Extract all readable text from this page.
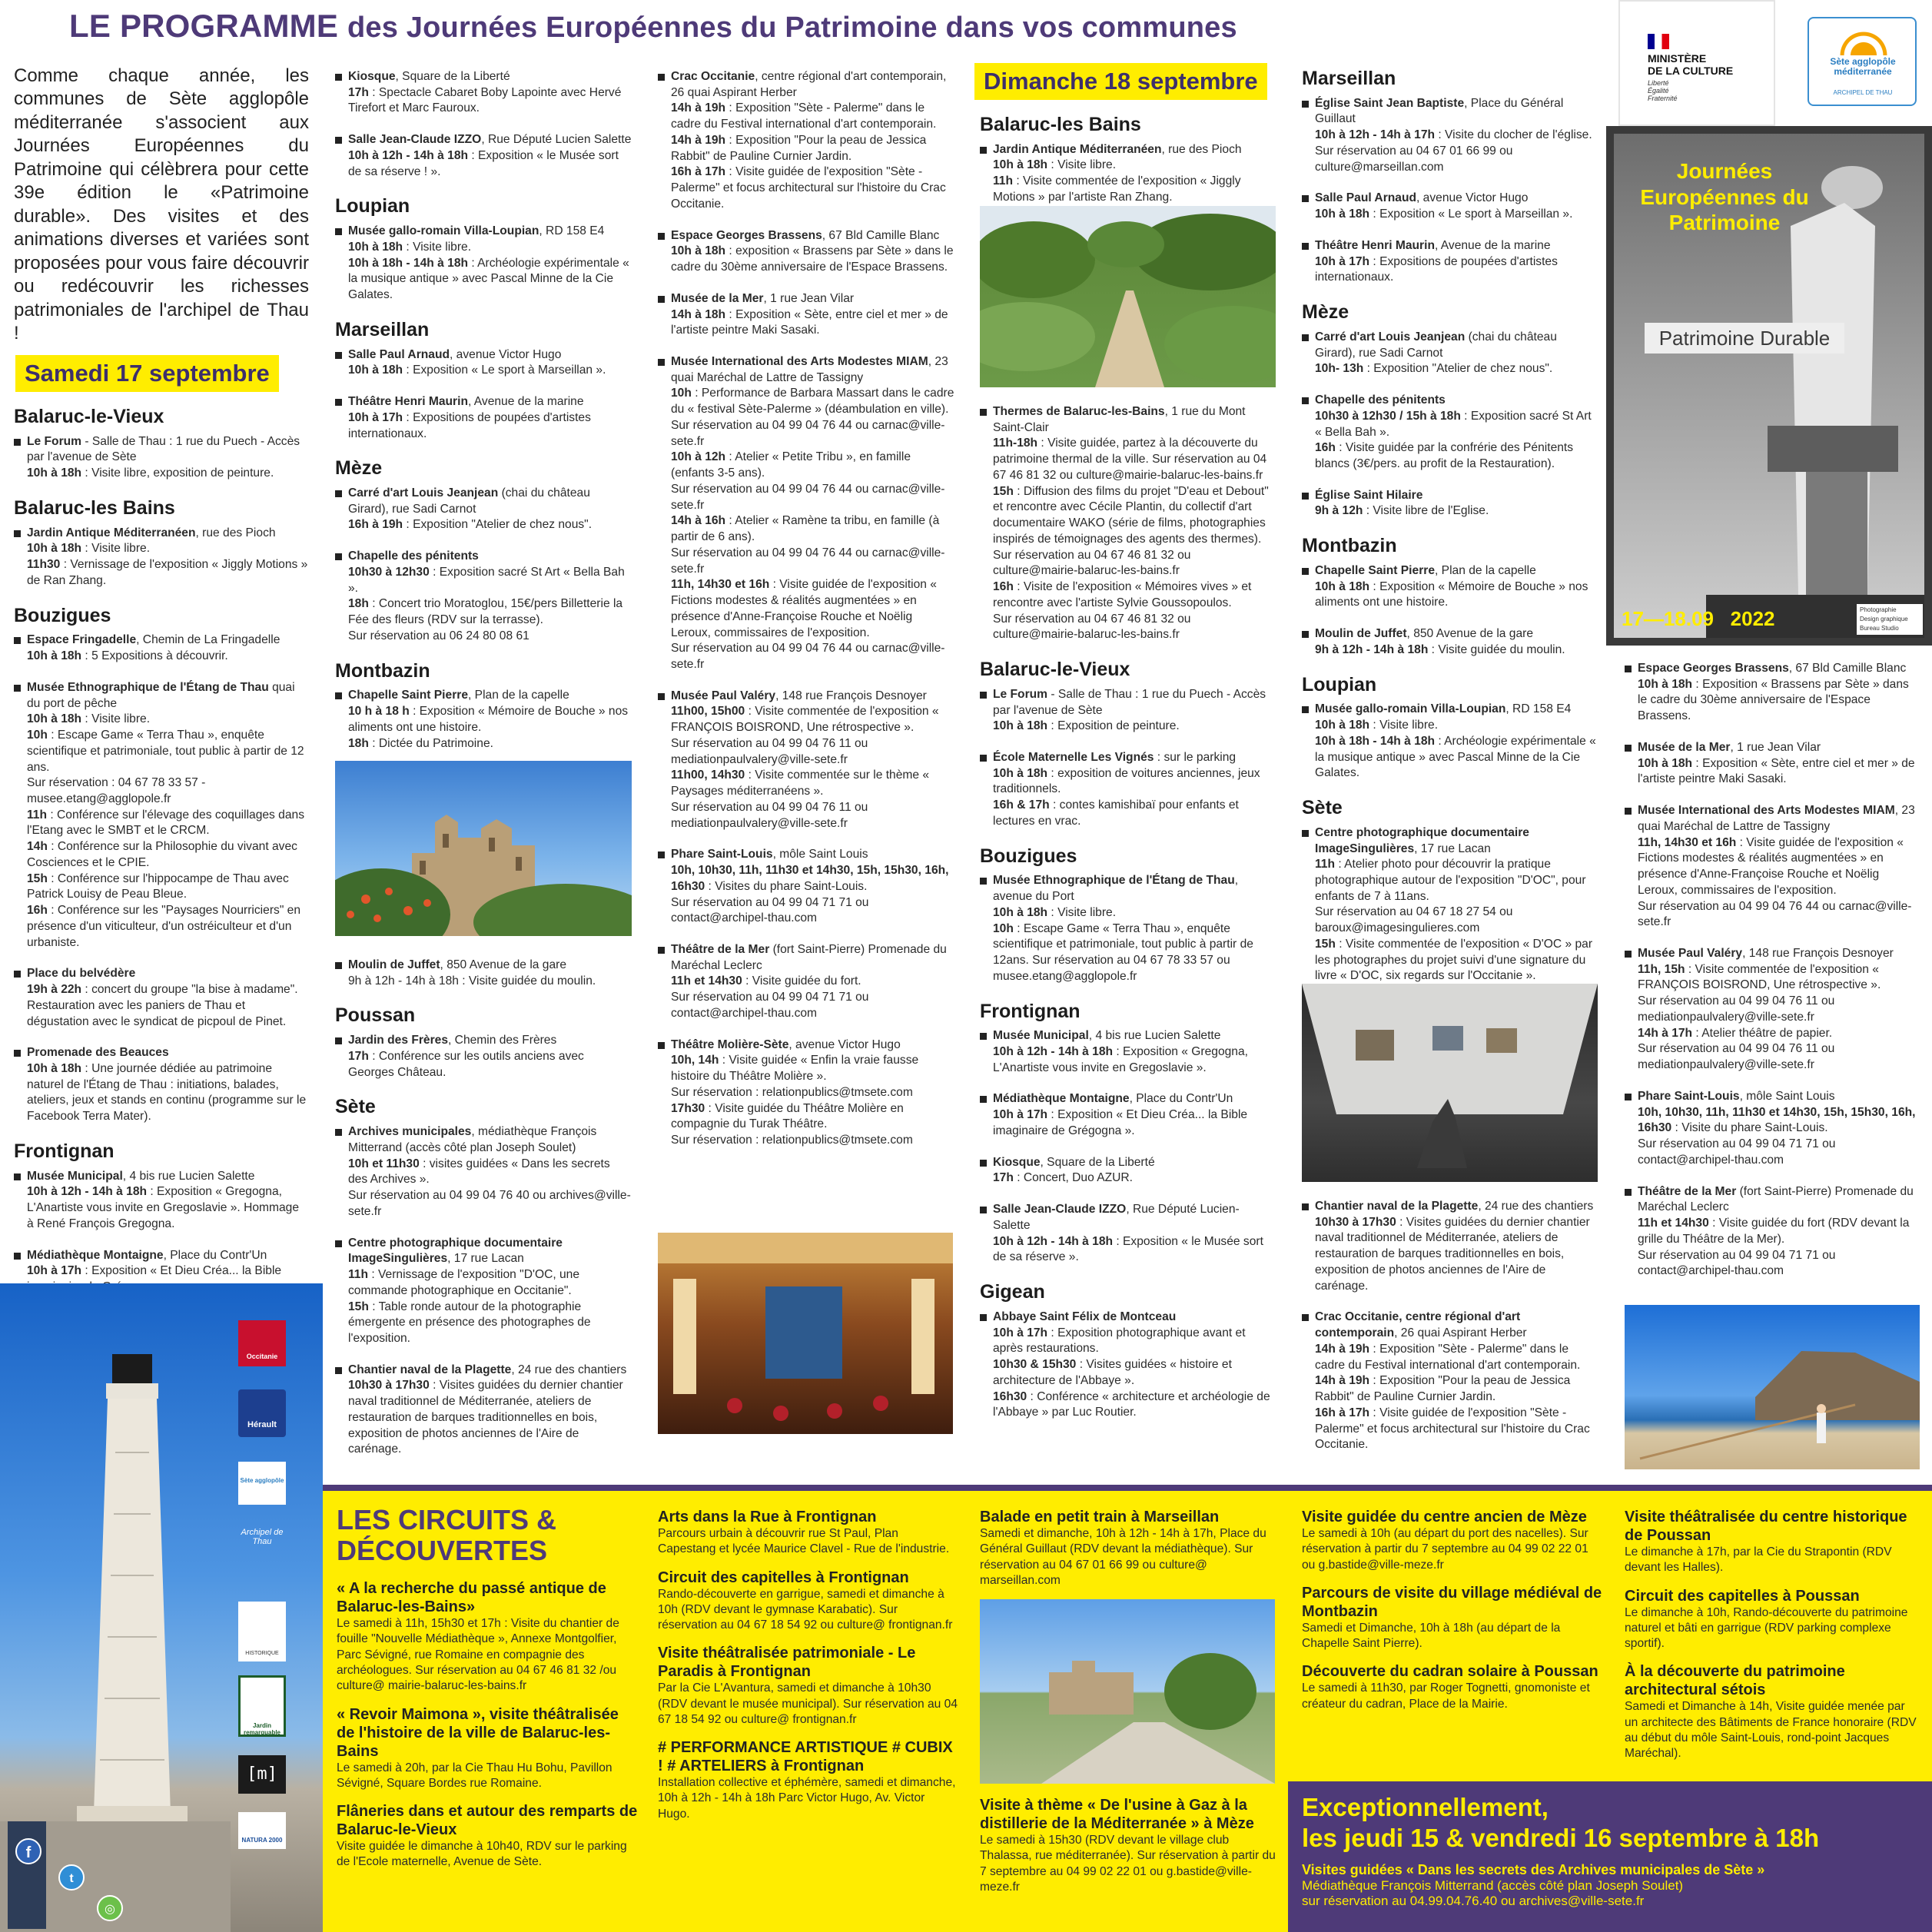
LE PROGRAMME des Journées Européennes du Patrimoine dans vos communes
Comme chaque année, les communes de Sète agglopôle méditerranée s'associent aux Journées Européennes du Patrimoine qui célèbrera pour cette 39e édition le «Patrimoine durable». Des visites et des animations diverses et variées sont proposées pour vous faire découvrir ou redécouvrir les richesses patrimoniales de l'archipel de Thau !
Samedi 17 septembre
Balaruc-le-Vieux
Le Forum - Salle de Thau : 1 rue du Puech - Accès par l'avenue de Sète
10h à 18h : Visite libre, exposition de peinture.
Balaruc-les Bains
Jardin Antique Méditerranéen, rue des Pioch
10h à 18h : Visite libre.
11h30 : Vernissage de l'exposition « Jiggly Motions » de Ran Zhang.
Bouzigues
Espace Fringadelle, Chemin de La Fringadelle
10h à 18h : 5 Expositions à découvrir.
Musée Ethnographique de l'Étang de Thau quai du port de pêche
10h à 18h : Visite libre.
10h : Escape Game « Terra Thau », enquête scientifique et patrimoniale, tout public à partir de 12 ans.
Sur réservation : 04 67 78 33 57 - musee.etang@agglopole.fr
11h : Conférence sur l'élevage des coquillages dans l'Etang avec le SMBT et le CRCM.
14h : Conférence sur la Philosophie du vivant avec Cosciences et le CPIE.
15h : Conférence sur l'hippocampe de Thau avec Patrick Louisy de Peau Bleue.
16h : Conférence sur les "Paysages Nourriciers" en présence d'un viticulteur, d'un ostréiculteur et d'un urbaniste.
Place du belvédère
19h à 22h : concert du groupe "la bise à madame". Restauration avec les paniers de Thau et dégustation avec le syndicat de picpoul de Pinet.
Promenade des Beauces
10h à 18h : Une journée dédiée au patrimoine naturel de l'Étang de Thau : initiations, balades, ateliers, jeux et stands en continu (programme sur le Facebook Terra Mater).
Frontignan
Musée Municipal, 4 bis rue Lucien Salette
10h à 12h - 14h à 18h : Exposition « Gregogna, L'Anartiste vous invite en Gregoslavie ». Hommage à René François Gregogna.
Médiathèque Montaigne, Place du Contr'Un
10h à 17h : Exposition « Et Dieu Créa... la Bible
Kiosque, Square de la Liberté
17h : Spectacle Cabaret Boby Lapointe avec Hervé Tirefort et Marc Fauroux.
Salle Jean-Claude IZZO, Rue Député Lucien Salette
10h à 12h - 14h à 18h : Exposition « le Musée sort de sa réserve ! ».
Loupian
Musée gallo-romain Villa-Loupian, RD 158 E4
10h à 18h : Visite libre.
10h à 18h - 14h à 18h : Archéologie expérimentale « la musique antique » avec Pascal Minne de la Cie Galates.
Marseillan
Salle Paul Arnaud, avenue Victor Hugo
10h à 18h : Exposition « Le sport à Marseillan ».
Théâtre Henri Maurin, Avenue de la marine
10h à 17h : Expositions de poupées d'artistes internationaux.
Mèze
Carré d'art Louis Jeanjean (chai du château Girard), rue Sadi Carnot
16h à 19h : Exposition "Atelier de chez nous".
Chapelle des pénitents
10h30 à 12h30 : Exposition sacré St Art « Bella Bah ».
18h : Concert trio Moratoglou, 15€/pers Billetterie la Fée des fleurs (RDV sur la terrasse).
Sur réservation au 06 24 80 08 61
Montbazin
Chapelle Saint Pierre, Plan de la capelle
10 h à 18 h : Exposition « Mémoire de Bouche » nos aliments ont une histoire.
18h : Dictée du Patrimoine.
Moulin de Juffet, 850 Avenue de la gare
9h à 12h - 14h à 18h : Visite guidée du moulin.
Poussan
Jardin des Frères, Chemin des Frères
17h : Conférence sur les outils anciens avec Georges Château.
Sète
Archives municipales, médiathèque François Mitterrand (accès côté plan Joseph Soulet)
10h et 11h30 : visites guidées « Dans les secrets des Archives ».
Sur réservation au 04 99 04 76 40 ou archives@ville-sete.fr
Centre photographique documentaire ImageSingulières, 17 rue Lacan
11h : Vernissage de l'exposition "D'OC, une commande photographique en Occitanie".
15h : Table ronde autour de la photographie émergente en présence des photographes de l'exposition.
Chantier naval de la Plagette, 24 rue des chantiers
10h30 à 17h30 : Visites guidées du dernier chantier naval traditionnel de Méditerranée, ateliers de restauration de barques traditionnelles en bois, exposition de photos anciennes de l'Aire de carénage.
Crac Occitanie, centre régional d'art contemporain, 26 quai Aspirant Herber
14h à 19h : Exposition "Sète - Palerme" dans le cadre du Festival international d'art contemporain.
14h à 19h : Exposition "Pour la peau de Jessica Rabbit" de Pauline Curnier Jardin.
16h à 17h : Visite guidée de l'exposition "Sète - Palerme" et focus architectural sur l'histoire du Crac Occitanie.
Espace Georges Brassens, 67 Bld Camille Blanc
10h à 18h : exposition « Brassens par Sète » dans le cadre du 30ème anniversaire de l'Espace Brassens.
Musée de la Mer, 1 rue Jean Vilar
14h à 18h : Exposition « Sète, entre ciel et mer » de l'artiste peintre Maki Sasaki.
Musée International des Arts Modestes MIAM, 23 quai Maréchal de Lattre de Tassigny
10h : Performance de Barbara Massart dans le cadre du « festival Sète-Palerme » (déambulation en ville). Sur réservation au 04 99 04 76 44 ou carnac@ville-sete.fr
10h à 12h : Atelier « Petite Tribu », en famille (enfants 3-5 ans).
Sur réservation au 04 99 04 76 44 ou carnac@ville-sete.fr
14h à 16h : Atelier « Ramène ta tribu, en famille (à partir de 6 ans).
Sur réservation au 04 99 04 76 44 ou carnac@ville-sete.fr
11h, 14h30 et 16h : Visite guidée de l'exposition « Fictions modestes & réalités augmentées » en présence d'Anne-Françoise Rouche et Noëlig Leroux, commissaires de l'exposition.
Sur réservation au 04 99 04 76 44 ou carnac@ville-sete.fr
Musée Paul Valéry, 148 rue François Desnoyer
11h00, 15h00 : Visite commentée de l'exposition « FRANÇOIS BOISROND, Une rétrospective ».
Sur réservation au 04 99 04 76 11 ou mediationpaulvalery@ville-sete.fr
11h00, 14h30 : Visite commentée sur le thème « Paysages méditerranéens ».
Sur réservation au 04 99 04 76 11 ou mediationpaulvalery@ville-sete.fr
Phare Saint-Louis, môle Saint Louis
10h, 10h30, 11h, 11h30 et 14h30, 15h, 15h30, 16h, 16h30 : Visites du phare Saint-Louis.
Sur réservation au 04 99 04 71 71 ou contact@archipel-thau.com
Théâtre de la Mer (fort Saint-Pierre) Promenade du Maréchal Leclerc
11h et 14h30 : Visite guidée du fort.
Sur réservation au 04 99 04 71 71 ou contact@archipel-thau.com
Théâtre Molière-Sète, avenue Victor Hugo
10h, 14h : Visite guidée « Enfin la vraie fausse histoire du Théâtre Molière ».
Sur réservation : relationpublics@tmsete.com
17h30 : Visite guidée du Théâtre Molière en compagnie du Turak Théâtre.
Sur réservation : relationpublics@tmsete.com
Dimanche 18 septembre
Balaruc-les Bains
Jardin Antique Méditerranéen, rue des Pioch
10h à 18h : Visite libre.
11h : Visite commentée de l'exposition « Jiggly Motions » par l'artiste Ran Zhang.
Thermes de Balaruc-les-Bains, 1 rue du Mont Saint-Clair
11h-18h : Visite guidée, partez à la découverte du patrimoine thermal de la ville. Sur réservation au 04 67 46 81 32 ou culture@mairie-balaruc-les-bains.fr
15h : Diffusion des films du projet "D'eau et Debout" et rencontre avec Cécile Plantin, du collectif d'art documentaire WAKO (série de films, photographies inspirés de témoignages des agents des thermes).
Sur réservation au 04 67 46 81 32 ou culture@mairie-balaruc-les-bains.fr
16h : Visite de l'exposition « Mémoires vives » et rencontre avec l'artiste Sylvie Goussopoulos.
Sur réservation au 04 67 46 81 32 ou culture@mairie-balaruc-les-bains.fr
Balaruc-le-Vieux
Le Forum - Salle de Thau : 1 rue du Puech - Accès par l'avenue de Sète
10h à 18h : Exposition de peinture.
École Maternelle Les Vignés : sur le parking
10h à 18h : exposition de voitures anciennes, jeux traditionnels.
16h & 17h : contes kamishibaï pour enfants et lectures en vrac.
Bouzigues
Musée Ethnographique de l'Étang de Thau, avenue du Port
10h à 18h : Visite libre.
10h : Escape Game « Terra Thau », enquête scientifique et patrimoniale, tout public à partir de 12ans. Sur réservation au 04 67 78 33 57 ou musee.etang@agglopole.fr
Frontignan
Musée Municipal, 4 bis rue Lucien Salette
10h à 12h - 14h à 18h : Exposition « Gregogna, L'Anartiste vous invite en Gregoslavie ».
Médiathèque Montaigne, Place du Contr'Un
10h à 17h : Exposition « Et Dieu Créa... la Bible imaginaire de Grégogna ».
Kiosque, Square de la Liberté
17h : Concert, Duo AZUR.
Salle Jean-Claude IZZO, Rue Député Lucien-Salette
10h à 12h - 14h à 18h : Exposition « le Musée sort de sa réserve ».
Gigean
Abbaye Saint Félix de Montceau
10h à 17h : Exposition photographique avant et après restaurations.
10h30 & 15h30 : Visites guidées « histoire et architecture de l'Abbaye ».
16h30 : Conférence « architecture et archéologie de l'Abbaye » par Luc Routier.
Marseillan
Église Saint Jean Baptiste, Place du Général Guillaut
10h à 12h - 14h à 17h : Visite du clocher de l'église. Sur réservation au 04 67 01 66 99 ou culture@marseillan.com
Salle Paul Arnaud, avenue Victor Hugo
10h à 18h : Exposition « Le sport à Marseillan ».
Théâtre Henri Maurin, Avenue de la marine
10h à 17h : Expositions de poupées d'artistes internationaux.
Mèze
Carré d'art Louis Jeanjean (chai du château Girard), rue Sadi Carnot
10h- 13h : Exposition "Atelier de chez nous".
Chapelle des pénitents
10h30 à 12h30 / 15h à 18h : Exposition sacré St Art « Bella Bah ».
16h : Visite guidée par la confrérie des Pénitents blancs (3€/pers. au profit de la Restauration).
Église Saint Hilaire
9h à 12h : Visite libre de l'Eglise.
Montbazin
Chapelle Saint Pierre, Plan de la capelle
10h à 18h : Exposition « Mémoire de Bouche » nos aliments ont une histoire.
Moulin de Juffet, 850 Avenue de la gare
9h à 12h - 14h à 18h : Visite guidée du moulin.
Loupian
Musée gallo-romain Villa-Loupian, RD 158 E4
10h à 18h : Visite libre.
10h à 18h - 14h à 18h : Archéologie expérimentale « la musique antique » avec Pascal Minne de la Cie Galates.
Sète
Centre photographique documentaire ImageSingulières, 17 rue Lacan
11h : Atelier photo pour découvrir la pratique photographique autour de l'exposition "D'OC", pour enfants de 7 à 11ans.
Sur réservation au 04 67 18 27 54 ou baroux@imagesingulieres.com
15h : Visite commentée de l'exposition « D'OC » par les photographes du projet suivi d'une signature du livre « D'OC, six regards sur l'Occitanie ».
Chantier naval de la Plagette, 24 rue des chantiers
10h30 à 17h30 : Visites guidées du dernier chantier naval traditionnel de Méditerranée, ateliers de restauration de barques traditionnelles en bois, exposition de photos anciennes de l'Aire de carénage.
Crac Occitanie, centre régional d'art contemporain, 26 quai Aspirant Herber
14h à 19h : Exposition "Sète - Palerme" dans le cadre du Festival international d'art contemporain.
14h à 19h : Exposition "Pour la peau de Jessica Rabbit" de Pauline Curnier Jardin.
16h à 17h : Visite guidée de l'exposition "Sète - Palerme" et focus architectural sur l'histoire du Crac Occitanie.
Espace Georges Brassens, 67 Bld Camille Blanc
10h à 18h : Exposition « Brassens par Sète » dans le cadre du 30ème anniversaire de l'Espace Brassens.
Musée de la Mer, 1 rue Jean Vilar
10h à 18h : Exposition « Sète, entre ciel et mer » de l'artiste peintre Maki Sasaki.
Musée International des Arts Modestes MIAM, 23 quai Maréchal de Lattre de Tassigny
11h, 14h30 et 16h : Visite guidée de l'exposition « Fictions modestes & réalités augmentées » en présence d'Anne-Françoise Rouche et Noëlig Leroux, commissaires de l'exposition.
Sur réservation au 04 99 04 76 44 ou carnac@ville-sete.fr
Musée Paul Valéry, 148 rue François Desnoyer
11h, 15h : Visite commentée de l'exposition « FRANÇOIS BOISROND, Une rétrospective ».
Sur réservation au 04 99 04 76 11 ou mediationpaulvalery@ville-sete.fr
14h à 17h : Atelier théâtre de papier.
Sur réservation au 04 99 04 76 11 ou mediationpaulvalery@ville-sete.fr
Phare Saint-Louis, môle Saint Louis
10h, 10h30, 11h, 11h30 et 14h30, 15h, 15h30, 16h, 16h30 : Visite du phare Saint-Louis.
Sur réservation au 04 99 04 71 71 ou contact@archipel-thau.com
Théâtre de la Mer (fort Saint-Pierre) Promenade du Maréchal Leclerc
11h et 14h30 : Visite guidée du fort (RDV devant la grille du Théâtre de la Mer).
Sur réservation au 04 99 04 71 71 ou contact@archipel-thau.com
MINISTÈRE
DE LA CULTURE
Liberté
Égalité
Fraternité
Sète agglopôle méditerranée
ARCHIPEL DE THAU
Journées Européennes du Patrimoine
Patrimoine Durable
17—18.09   2022	Photographie
Design graphique
Bureau Studio
Occitanie
Hérault
Sète agglopôle
Archipel de Thau
HISTORIQUE
Jardin remarquable
[m]
NATURA 2000
f
t
◎
LES CIRCUITS &
DÉCOUVERTES
« A la recherche du passé antique de Balaruc-les-Bains»
Le samedi à 11h, 15h30 et 17h : Visite du chantier de fouille "Nouvelle Médiathèque », Annexe Montgolfier, Parc Sévigné, rue Romaine en compagnie des archéologues. Sur réservation au 04 67 46 81 32 /ou culture@ mairie-balaruc-les-bains.fr
« Revoir Maimona », visite théâtralisée de l'histoire de la ville de Balaruc-les-Bains
Le samedi à 20h, par la Cie Thau Hu Bohu, Pavillon Sévigné, Square Bordes rue Romaine.
Flâneries dans et autour des remparts de Balaruc-le-Vieux
Visite guidée le dimanche à 10h40, RDV sur le parking de l'Ecole maternelle, Avenue de Sète.
Arts dans la Rue à Frontignan
Parcours urbain à découvrir rue St Paul, Plan Capestang et lycée Maurice Clavel - Rue de l'industrie.
Circuit des capitelles à Frontignan
Rando-découverte en garrigue, samedi et dimanche à 10h (RDV devant le gymnase Karabatic). Sur réservation au 04 67 18 54 92 ou culture@ frontignan.fr
Visite théâtralisée patrimoniale - Le Paradis à Frontignan
Par la Cie L'Avantura, samedi et dimanche à 10h30 (RDV devant le musée municipal). Sur réservation au 04 67 18 54 92 ou culture@ frontignan.fr
# PERFORMANCE ARTISTIQUE # CUBIX ! # ARTELIERS à Frontignan
Installation collective et éphémère, samedi et dimanche, 10h à 12h - 14h à 18h Parc Victor Hugo, Av. Victor Hugo.
Balade en petit train à Marseillan
Samedi et dimanche, 10h à 12h - 14h à 17h, Place du Général Guillaut (RDV devant la médiathèque). Sur réservation au 04 67 01 66 99 ou culture@ marseillan.com
Visite à thème « De l'usine à Gaz à la distillerie de la Méditerranée » à Mèze
Le samedi à 15h30 (RDV devant le village club Thalassa, rue méditerranée). Sur réservation à partir du 7 septembre au 04 99 02 22 01 ou g.bastide@ville-meze.fr
Visite guidée du centre ancien de Mèze
Le samedi à 10h (au départ du port des nacelles). Sur réservation à partir du 7 septembre au 04 99 02 22 01 ou g.bastide@ville-meze.fr
Parcours de visite du village médiéval de Montbazin
Samedi et Dimanche, 10h à 18h (au départ de la Chapelle Saint Pierre).
Découverte du cadran solaire à Poussan
Le samedi à 11h30, par Roger Tognetti, gnomoniste et créateur du cadran, Place de la Mairie.
Visite théâtralisée du centre historique de Poussan
Le dimanche à 17h, par la Cie du Strapontin (RDV devant les Halles).
Circuit des capitelles à Poussan
Le dimanche à 10h, Rando-découverte du patrimoine naturel et bâti en garrigue (RDV parking complexe sportif).
À la découverte du patrimoine architectural sétois
Samedi et Dimanche à 14h, Visite guidée menée par un architecte des Bâtiments de France honoraire (RDV au début du môle Saint-Louis, rond-point Jacques Maréchal).
Exceptionnellement,
les jeudi 15 & vendredi 16 septembre à 18h
Visites guidées « Dans les secrets des Archives municipales de Sète »
Médiathèque François Mitterrand (accès côté plan Joseph Soulet)
sur réservation au 04.99.04.76.40 ou archives@ville-sete.fr
